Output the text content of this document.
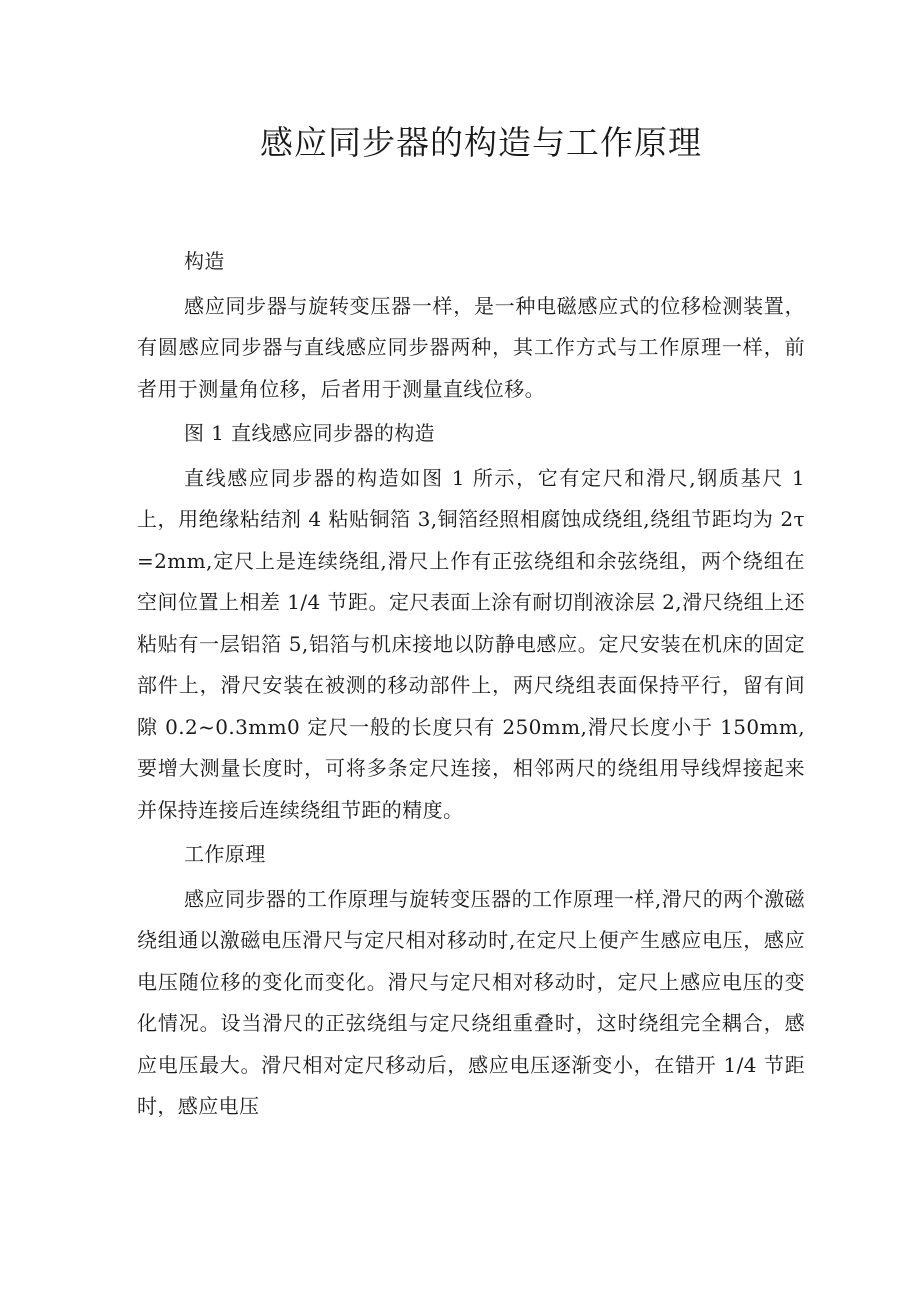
感应同步器的构造与工作原理

构造

感应同步器与旋转变压器一样，是一种电磁感应式的位移检测装置，有圆感应同步器与直线感应同步器两种，其工作方式与工作原理一样，前者用于测量角位移，后者用于测量直线位移。

图 1 直线感应同步器的构造

直线感应同步器的构造如图 1 所示，它有定尺和滑尺,钢质基尺 1 上，用绝缘粘结剂 4 粘贴铜箔 3,铜箔经照相腐蚀成绕组,绕组节距均为 2τ=2mm,定尺上是连续绕组,滑尺上作有正弦绕组和余弦绕组，两个绕组在空间位置上相差 1/4 节距。定尺表面上涂有耐切削液涂层 2,滑尺绕组上还粘贴有一层铝箔 5,铝箔与机床接地以防静电感应。定尺安装在机床的固定部件上，滑尺安装在被测的移动部件上，两尺绕组表面保持平行，留有间隙 0.2~0.3mm0 定尺一般的长度只有 250mm,滑尺长度小于 150mm,要增大测量长度时，可将多条定尺连接，相邻两尺的绕组用导线焊接起来并保持连接后连续绕组节距的精度。

工作原理

感应同步器的工作原理与旋转变压器的工作原理一样,滑尺的两个激磁绕组通以激磁电压滑尺与定尺相对移动时,在定尺上便产生感应电压，感应电压随位移的变化而变化。滑尺与定尺相对移动时，定尺上感应电压的变化情况。设当滑尺的正弦绕组与定尺绕组重叠时，这时绕组完全耦合，感应电压最大。滑尺相对定尺移动后，感应电压逐渐变小，在错开 1/4 节距时，感应电压
